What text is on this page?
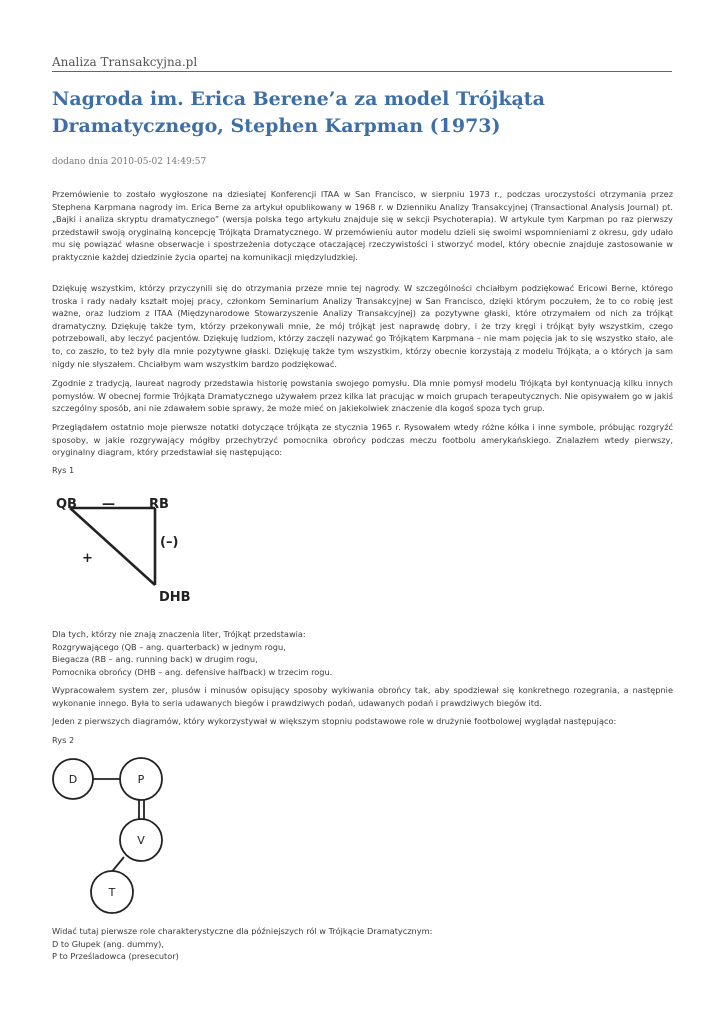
Analiza Transakcyjna.pl
Nagroda im. Erica Berene’a za model Trójkąta Dramatycznego, Stephen Karpman (1973)
dodano dnia 2010-05-02 14:49:57

Przemówienie to zostało wygłoszone na dziesiątej Konferencji ITAA w San Francisco, w sierpniu 1973 r., podczas uroczystości otrzymania przez Stephena Karpmana nagrody im. Erica Berne za artykuł opublikowany w 1968 r. w Dzienniku Analizy Transakcyjnej (Transactional Analysis Journal) pt. „Bajki i analiza skryptu dramatycznego” (wersja polska tego artykułu znajduje się w sekcji Psychoterapia). W artykule tym Karpman po raz pierwszy przedstawił swoją oryginalną koncepcję Trójkąta Dramatycznego. W przemówieniu autor modelu dzieli się swoimi wspomnieniami z okresu, gdy udało mu się powiązać własne obserwacje i spostrzeżenia dotyczące otaczającej rzeczywistości i stworzyć model, który obecnie znajduje zastosowanie w praktycznie każdej dziedzinie życia opartej na komunikacji międzyludzkiej.

Dziękuję wszystkim, którzy przyczynili się do otrzymania przeze mnie tej nagrody. W szczególności chciałbym podziękować Ericowi Berne, którego troska i rady nadały kształt mojej pracy, członkom Seminarium Analizy Transakcyjnej w San Francisco, dzięki którym poczułem, że to co robię jest ważne, oraz ludziom z ITAA (Międzynarodowe Stowarzyszenie Analizy Transakcyjnej) za pozytywne głaski, które otrzymałem od nich za trójkąt dramatyczny. Dziękuję także tym, którzy przekonywali mnie, że mój trójkąt jest naprawdę dobry, i że trzy kręgi i trójkąt były wszystkim, czego potrzebowali, aby leczyć pacjentów. Dziękuję ludziom, którzy zaczęli nazywać go Trójkątem Karpmana – nie mam pojęcia jak to się wszystko stało, ale to, co zaszło, to też były dla mnie pozytywne głaski. Dziękuję także tym wszystkim, którzy obecnie korzystają z modelu Trójkąta, a o których ja sam nigdy nie słyszałem. Chciałbym wam wszystkim bardzo podziękować.

Zgodnie z tradycją, laureat nagrody przedstawia historię powstania swojego pomysłu. Dla mnie pomysł modelu Trójkąta był kontynuacją kilku innych pomysłów. W obecnej formie Trójkąta Dramatycznego używałem przez kilka lat pracując w moich grupach terapeutycznych. Nie opisywałem go w jakiś szczególny sposób, ani nie zdawałem sobie sprawy, że może mieć on jakiekolwiek znaczenie dla kogoś spoza tych grup.

Przeglądałem ostatnio moje pierwsze notatki dotyczące trójkąta ze stycznia 1965 r. Rysowałem wtedy różne kółka i inne symbole, próbując rozgryźć sposoby, w jakie rozgrywający mógłby przechytrzyć pomocnika obrońcy podczas meczu footbolu amerykańskiego. Znalazłem wtedy pierwszy, oryginalny diagram, który przedstawiał się następująco:

Rys 1
QB —	RB
(–)
+
DHB
Dla tych, którzy nie znają znaczenia liter, Trójkąt przedstawia:
Rozgrywającego (QB – ang. quarterback) w jednym rogu,
Biegacza (RB – ang. running back) w drugim rogu,
Pomocnika obrońcy (DHB – ang. defensive halfback) w trzecim rogu.

Wypracowałem system zer, plusów i minusów opisujący sposoby wykiwania obrońcy tak, aby spodziewał się konkretnego rozegrania, a następnie wykonanie innego. Była to seria udawanych biegów i prawdziwych podań, udawanych podań i prawdziwych biegów itd.

Jeden z pierwszych diagramów, który wykorzystywał w większym stopniu podstawowe role w drużynie footbolowej wyglądał następująco:

Rys 2
D	P
V
T
Widać tutaj pierwsze role charakterystyczne dla późniejszych ról w Trójkącie Dramatycznym:
D to Głupek (ang. dummy),
P to Prześladowca (presecutor)
